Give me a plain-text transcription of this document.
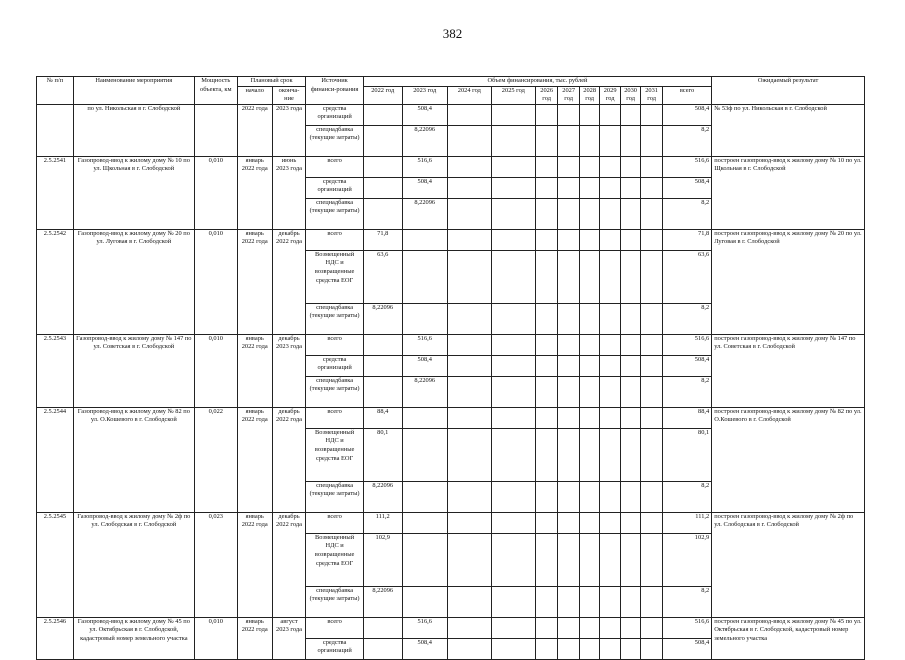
382
№ п/п	Наименование мероприятия	Мощность объекта, км	Плановый срок		Источник финанси-рования	Объем финансирования, тыс. рублей											Ожидаемый результат
			начало	оконча-ние		2022 год	2023 год	2024 год	2025 год	2026 год	2027 год	2028 год	2029 год	2030 год	2031 год	всего	
	по ул. Никольская в г. Слободской		2022 года	2023 года	средства организаций		508,4									508,4	№ 53ф по ул. Никольская в г. Слободской
					спецнадбавка (текущие затраты)		8,22096									8,2	
2.5.2541	Газопровод-ввод к жилому дому № 10 по ул. Щкольная в г. Слободской	0,010	январь 2022 года	июнь 2023 года	всего		516,6									516,6	построен газопровод-ввод к жилому дому № 10 по ул. Щкольная в г. Слободской
					средства организаций		508,4									508,4	
					спецнадбавка (текущие затраты)		8,22096									8,2	
2.5.2542	Газопровод-ввод к жилому дому № 20 по ул. Луговая в г. Слободской	0,010	январь 2022 года	декабрь 2022 года	всего	71,8										71,8	построен газопровод-ввод к жилому дому № 20 по ул. Луговая в г. Слободской
					Возмещенный НДС и возвращенные средства ЕОГ	63,6										63,6	
					спецнадбавка (текущие затраты)	8,22096										8,2	
2.5.2543	Газопровод-ввод к жилому дому № 147 по ул. Советская в г. Слободской	0,010	январь 2022 года	декабрь 2023 года	всего		516,6									516,6	построен газопровод-ввод к жилому дому № 147 по ул. Советская в г. Слободской
					средства организаций		508,4									508,4	
					спецнадбавка (текущие затраты)		8,22096									8,2	
2.5.2544	Газопровод-ввод к жилому дому № 82 по ул. О.Кошевого в г. Слободской	0,022	январь 2022 года	декабрь 2022 года	всего	88,4										88,4	построен газопровод-ввод к жилому дому № 82 по ул. О.Кошевого в г. Слободской
					Возмещенный НДС и возвращенные средства ЕОГ	80,1										80,1	
					спецнадбавка (текущие затраты)	8,22096										8,2	
2.5.2545	Газопровод-ввод к жилому дому № 2ф по ул. Слободская в г. Слободской	0,023	январь 2022 года	декабрь 2022 года	всего	111,2										111,2	построен газопровод-ввод к жилому дому № 2ф по ул. Слободская в г. Слободской
					Возмещенный НДС и возвращенные средства ЕОГ	102,9										102,9	
					спецнадбавка (текущие затраты)	8,22096										8,2	
2.5.2546	Газопровод-ввод к жилому дому № 45 по ул. Октябрьская в г. Слободской, кадастровый номер земельного участка	0,010	январь 2022 года	август 2023 года	всего		516,6									516,6	построен газопровод-ввод к жилому дому № 45 по ул. Октябрьская в г. Слободской, кадастровый номер земельного участка
					средства организаций		508,4									508,4	
